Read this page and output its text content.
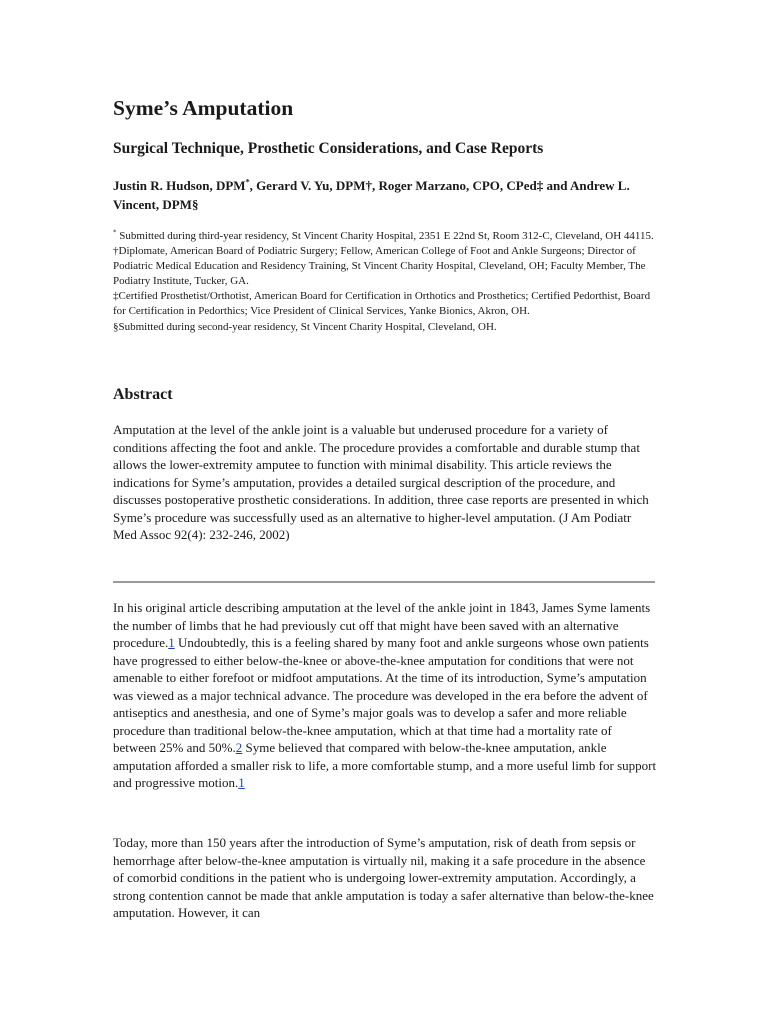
Syme’s Amputation
Surgical Technique, Prosthetic Considerations, and Case Reports

Justin R. Hudson, DPM*, Gerard V. Yu, DPM†, Roger Marzano, CPO, CPed‡ and Andrew L. Vincent, DPM§

* Submitted during third-year residency, St Vincent Charity Hospital, 2351 E 22nd St, Room 312-C, Cleveland, OH 44115.

†Diplomate, American Board of Podiatric Surgery; Fellow, American College of Foot and Ankle Surgeons; Director of Podiatric Medical Education and Residency Training, St Vincent Charity Hospital, Cleveland, OH; Faculty Member, The Podiatry Institute, Tucker, GA.

‡Certified Prosthetist/Orthotist, American Board for Certification in Orthotics and Prosthetics; Certified Pedorthist, Board for Certification in Pedorthics; Vice President of Clinical Services, Yanke Bionics, Akron, OH.

§Submitted during second-year residency, St Vincent Charity Hospital, Cleveland, OH.

Abstract

Amputation at the level of the ankle joint is a valuable but underused procedure for a variety of conditions affecting the foot and ankle. The procedure provides a comfortable and durable stump that allows the lower-extremity amputee to function with minimal disability. This article reviews the indications for Syme’s amputation, provides a detailed surgical description of the procedure, and discusses postoperative prosthetic considerations. In addition, three case reports are presented in which Syme’s procedure was successfully used as an alternative to higher-level amputation. (J Am Podiatr Med Assoc 92(4): 232-246, 2002)

In his original article describing amputation at the level of the ankle joint in 1843, James Syme laments the number of limbs that he had previously cut off that might have been saved with an alternative procedure.1 Undoubtedly, this is a feeling shared by many foot and ankle surgeons whose own patients have progressed to either below-the-knee or above-the-knee amputation for conditions that were not amenable to either forefoot or midfoot amputations. At the time of its introduction, Syme’s amputation was viewed as a major technical advance. The procedure was developed in the era before the advent of antiseptics and anesthesia, and one of Syme’s major goals was to develop a safer and more reliable procedure than traditional below-the-knee amputation, which at that time had a mortality rate of between 25% and 50%.2 Syme believed that compared with below-the-knee amputation, ankle amputation afforded a smaller risk to life, a more comfortable stump, and a more useful limb for support and progressive motion.1

Today, more than 150 years after the introduction of Syme’s amputation, risk of death from sepsis or hemorrhage after below-the-knee amputation is virtually nil, making it a safe procedure in the absence of comorbid conditions in the patient who is undergoing lower-extremity amputation. Accordingly, a strong contention cannot be made that ankle amputation is today a safer alternative than below-the-knee amputation. However, it can
